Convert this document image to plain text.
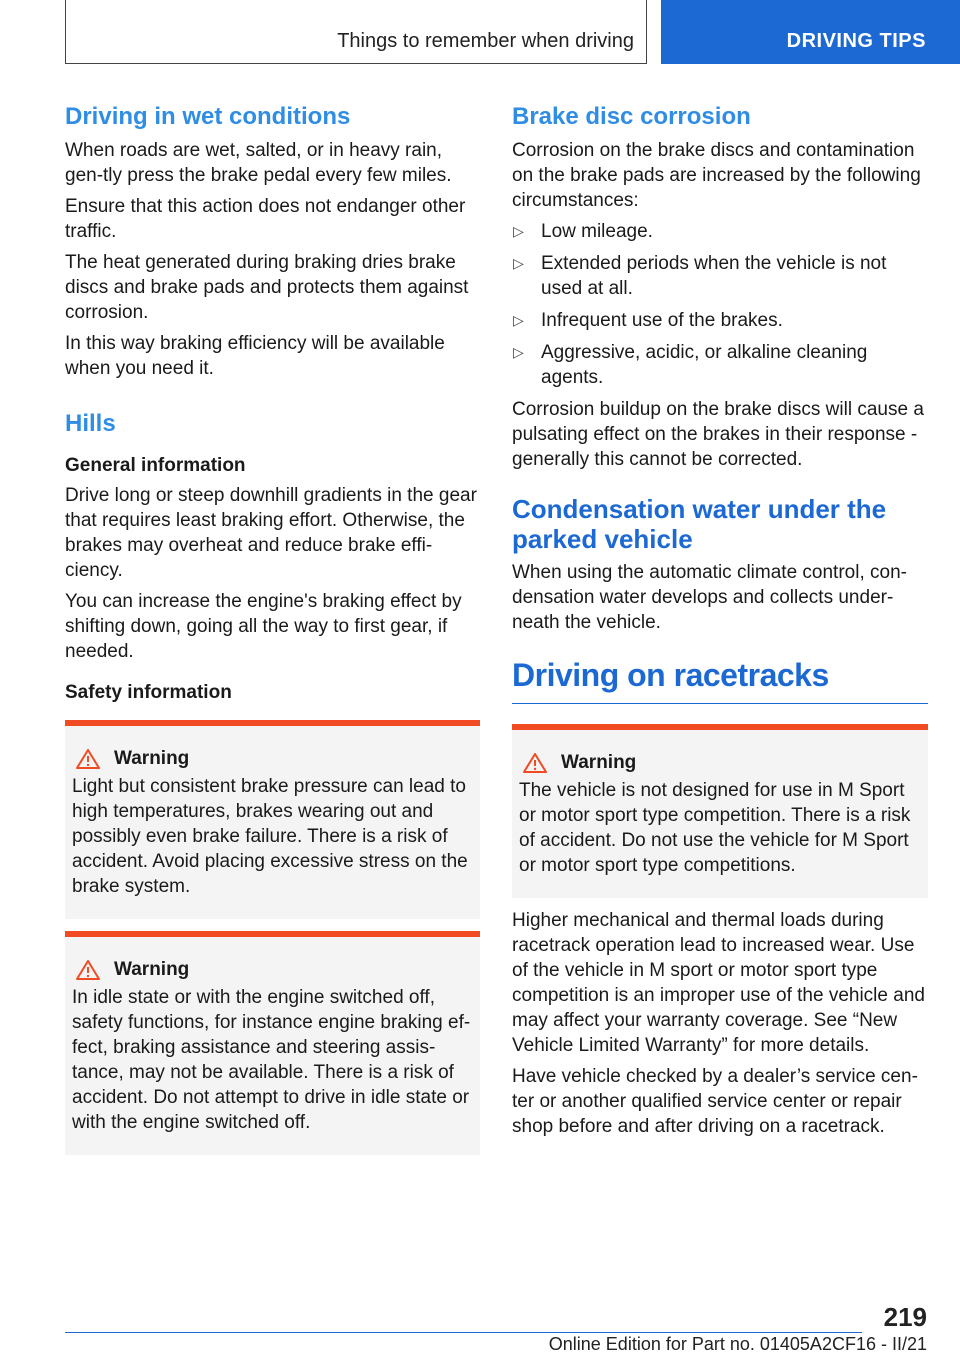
Things to remember when driving	DRIVING TIPS
Driving in wet conditions

When roads are wet, salted, or in heavy rain, gen‐tly press the brake pedal every few miles.

Ensure that this action does not endanger other traffic.

The heat generated during braking dries brake discs and brake pads and protects them against corrosion.

In this way braking efficiency will be available when you need it.

Hills
General information

Drive long or steep downhill gradients in the gear that requires least braking effort. Otherwise, the brakes may overheat and reduce brake effi‐ciency.

You can increase the engine's braking effect by shifting down, going all the way to first gear, if needed.

Safety information
Warning

Light but consistent brake pressure can lead to high temperatures, brakes wearing out and possibly even brake failure. There is a risk of accident. Avoid placing excessive stress on the brake system.

Warning

In idle state or with the engine switched off, safety functions, for instance engine braking ef‐fect, braking assistance and steering assis‐tance, may not be available. There is a risk of accident. Do not attempt to drive in idle state or with the engine switched off.

Brake disc corrosion

Corrosion on the brake discs and contamination on the brake pads are increased by the following circumstances:

▷ Low mileage.
▷ Extended periods when the vehicle is not used at all.
▷ Infrequent use of the brakes.
▷ Aggressive, acidic, or alkaline cleaning agents.

Corrosion buildup on the brake discs will cause a pulsating effect on the brakes in their response - generally this cannot be corrected.

Condensation water under the parked vehicle

When using the automatic climate control, con‐densation water develops and collects under‐neath the vehicle.

Driving on racetracks
Warning

The vehicle is not designed for use in M Sport or motor sport type competition. There is a risk of accident. Do not use the vehicle for M Sport or motor sport type competitions.

Higher mechanical and thermal loads during racetrack operation lead to increased wear. Use of the vehicle in M sport or motor sport type competition is an improper use of the vehicle and may affect your warranty coverage. See “New Vehicle Limited Warranty” for more details.

Have vehicle checked by a dealer’s service cen‐ter or another qualified service center or repair shop before and after driving on a racetrack.

219
Online Edition for Part no. 01405A2CF16 - II/21
